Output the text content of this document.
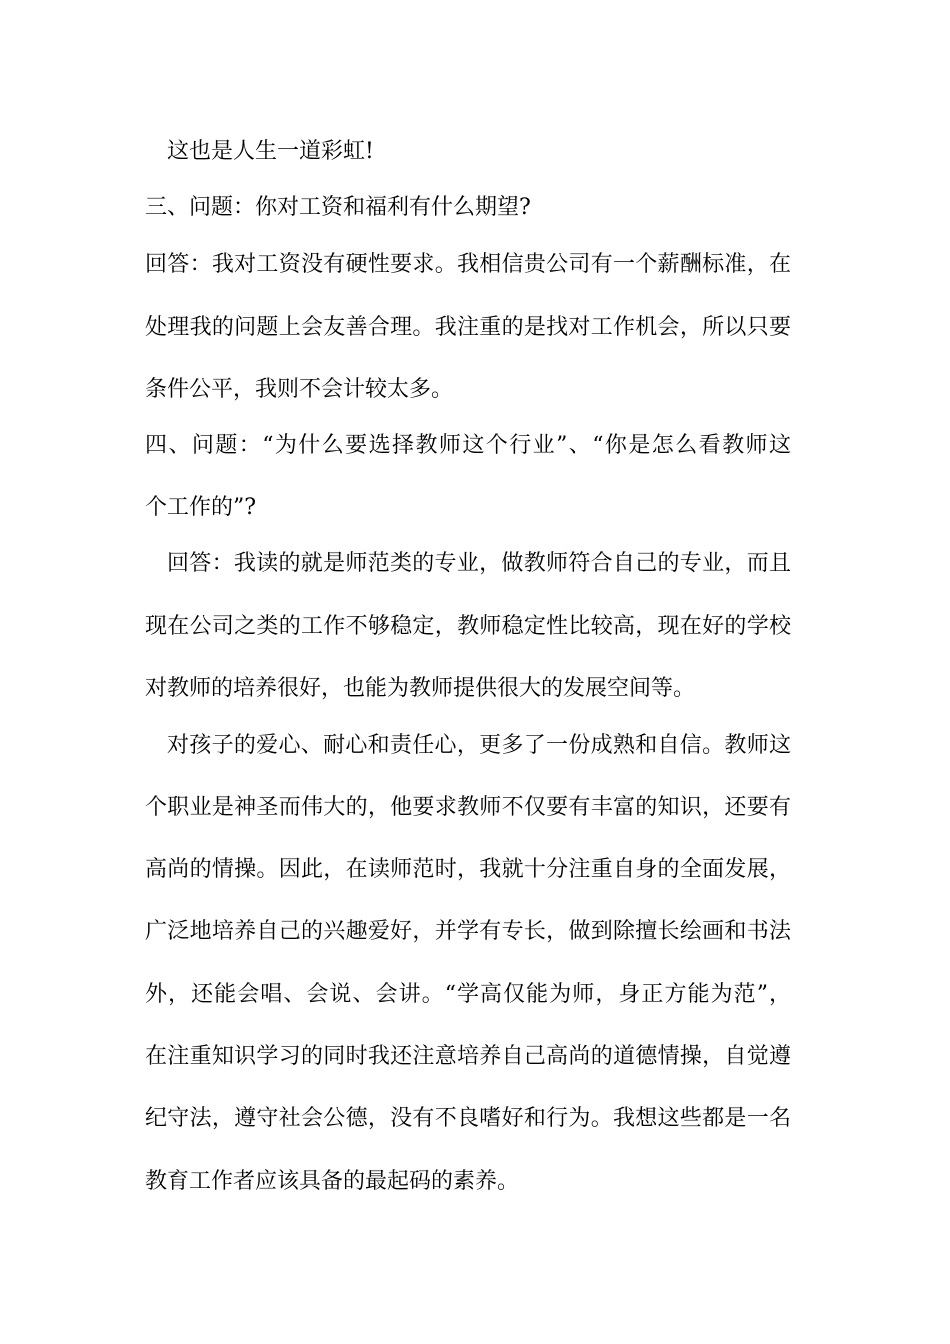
这也是人生一道彩虹!
三、问题：你对工资和福利有什么期望?
回答：我对工资没有硬性要求。我相信贵公司有一个薪酬标准，在
处理我的问题上会友善合理。我注重的是找对工作机会，所以只要
条件公平，我则不会计较太多。
四、问题：“为什么要选择教师这个行业”、“你是怎么看教师这
个工作的”?
回答：我读的就是师范类的专业，做教师符合自己的专业，而且
现在公司之类的工作不够稳定，教师稳定性比较高，现在好的学校
对教师的培养很好，也能为教师提供很大的发展空间等。
对孩子的爱心、耐心和责任心，更多了一份成熟和自信。教师这
个职业是神圣而伟大的，他要求教师不仅要有丰富的知识，还要有
高尚的情操。因此，在读师范时，我就十分注重自身的全面发展，
广泛地培养自己的兴趣爱好，并学有专长，做到除擅长绘画和书法
外，还能会唱、会说、会讲。“学高仅能为师，身正方能为范”，
在注重知识学习的同时我还注意培养自己高尚的道德情操，自觉遵
纪守法，遵守社会公德，没有不良嗜好和行为。我想这些都是一名
教育工作者应该具备的最起码的素养。
